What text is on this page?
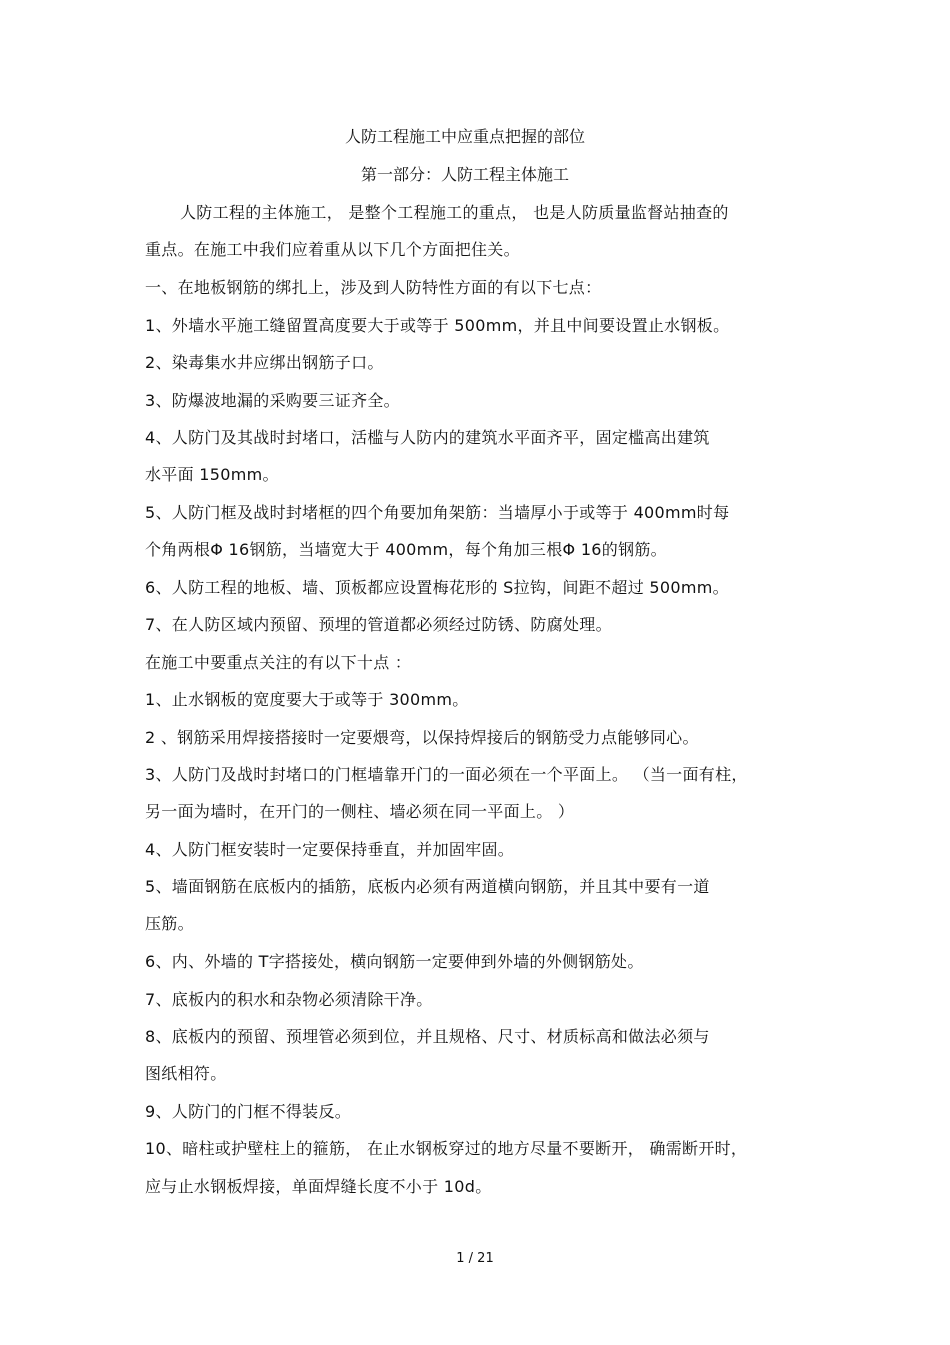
人防工程施工中应重点把握的部位
第一部分：人防工程主体施工
人防工程的主体施工， 是整个工程施工的重点， 也是人防质量监督站抽查的
重点。在施工中我们应着重从以下几个方面把住关。
一、在地板钢筋的绑扎上，涉及到人防特性方面的有以下七点：
1、外墙水平施工缝留置高度要大于或等于 500mm，并且中间要设置止水钢板。
2、染毒集水井应绑出钢筋子口。
3、防爆波地漏的采购要三证齐全。
4、人防门及其战时封堵口，活槛与人防内的建筑水平面齐平，固定槛高出建筑
水平面 150mm。
5、人防门框及战时封堵框的四个角要加角架筋：当墙厚小于或等于 400mm时每
个角两根Φ 16钢筋，当墙宽大于 400mm，每个角加三根Φ 16的钢筋。
6、人防工程的地板、墙、顶板都应设置梅花形的 S拉钩，间距不超过 500mm。
7、在人防区域内预留、预埋的管道都必须经过防锈、防腐处理。
在施工中要重点关注的有以下十点 ：
1、止水钢板的宽度要大于或等于 300mm。
2 、钢筋采用焊接搭接时一定要煨弯，以保持焊接后的钢筋受力点能够同心。
3、人防门及战时封堵口的门框墙靠开门的一面必须在一个平面上。 （当一面有柱，
另一面为墙时，在开门的一侧柱、墙必须在同一平面上。 ）
4、人防门框安装时一定要保持垂直，并加固牢固。
5、墙面钢筋在底板内的插筋，底板内必须有两道横向钢筋，并且其中要有一道
压筋。
6、内、外墙的 T字搭接处，横向钢筋一定要伸到外墙的外侧钢筋处。
7、底板内的积水和杂物必须清除干净。
8、底板内的预留、预埋管必须到位，并且规格、尺寸、材质标高和做法必须与
图纸相符。
9、人防门的门框不得装反。
10、暗柱或护壁柱上的箍筋， 在止水钢板穿过的地方尽量不要断开， 确需断开时，
应与止水钢板焊接，单面焊缝长度不小于 10d。
1 / 21
